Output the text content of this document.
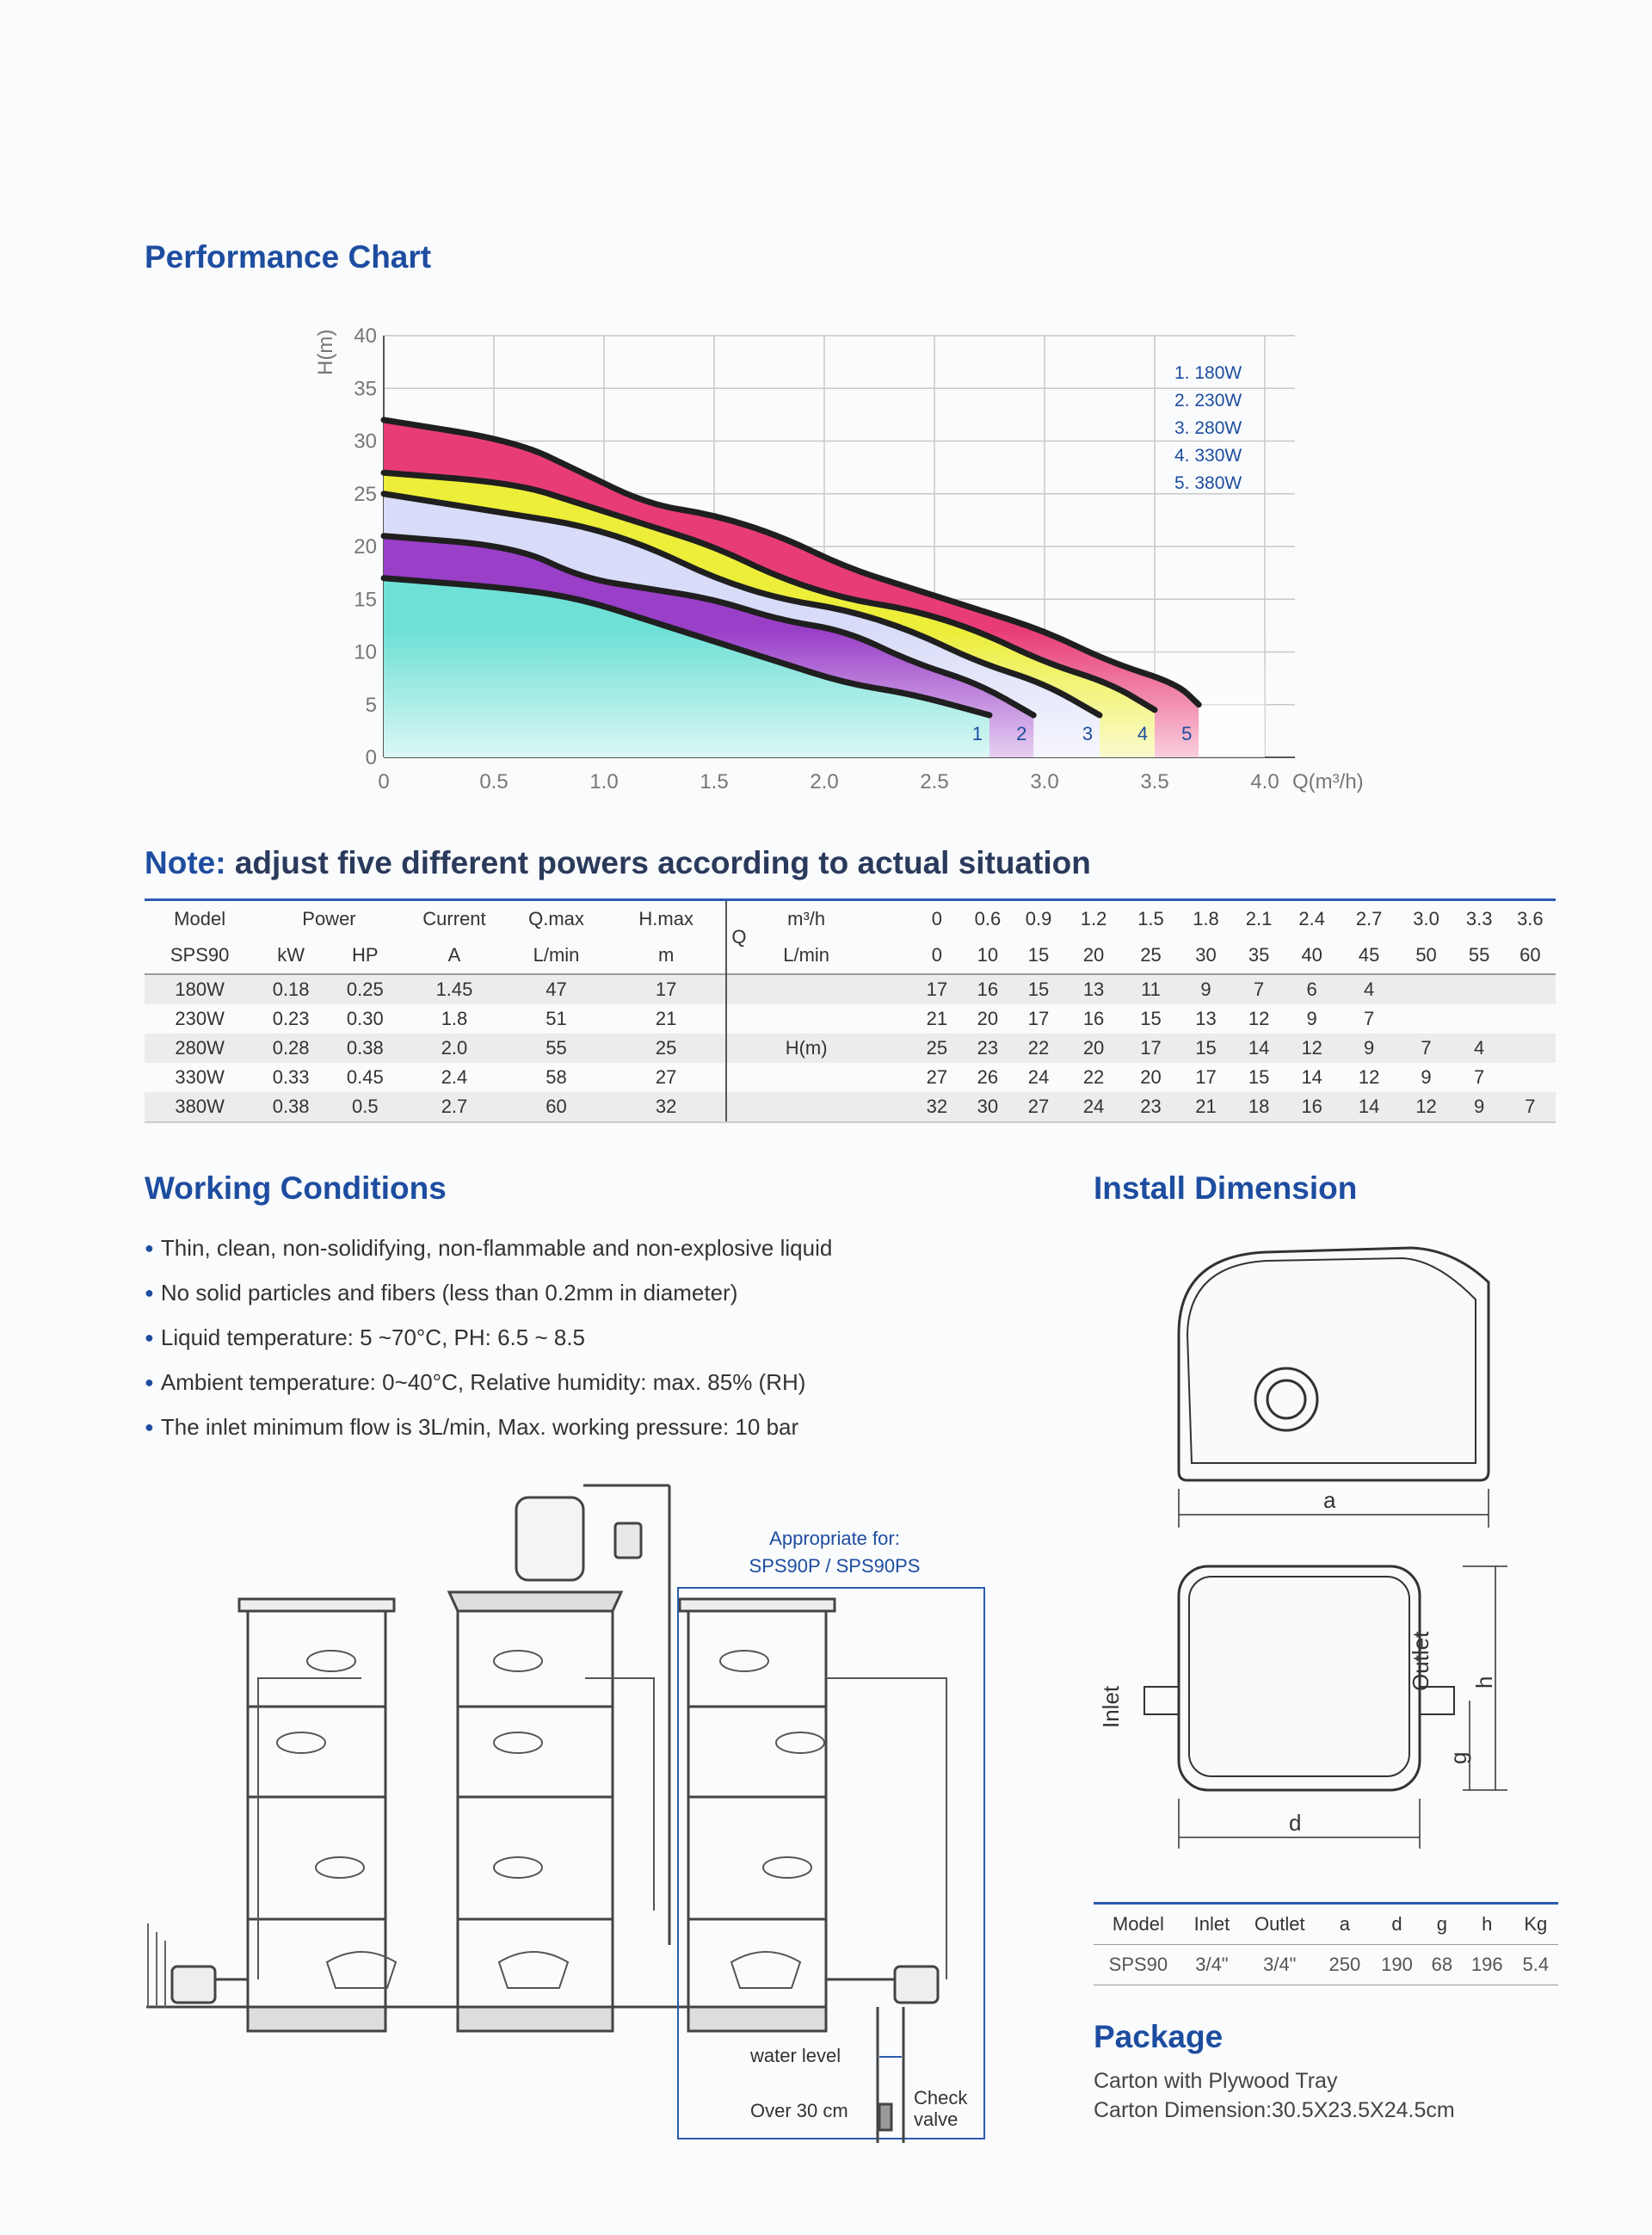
Performance Chart
0	0.5	1.0	1.5	2.0	2.5	3.0	3.5	4.0
0
5
10
15
20
25
30
35
40
H(m)
Q(m³/h)
1. 180W
2. 230W
3. 280W
4. 330W
5. 380W
1 2	3 4 5
Note: adjust five different powers according to actual situation
Model	Power		Current	Q.max	H.max	Q	m³/h		0	0.6	0.9	1.2	1.5	1.8	2.1	2.4	2.7	3.0	3.3	3.6
SPS90	kW	HP	A	L/min	m		L/min		0	10	15	20	25	30	35	40	45	50	55	60
180W	0.18	0.25	1.45	47	17				17	16	15	13	11	9	7	6	4			
230W	0.23	0.30	1.8	51	21				21	20	17	16	15	13	12	9	7			
280W	0.28	0.38	2.0	55	25		H(m)		25	23	22	20	17	15	14	12	9	7	4	
330W	0.33	0.45	2.4	58	27				27	26	24	22	20	17	15	14	12	9	7	
380W	0.38	0.5	2.7	60	32				32	30	27	24	23	21	18	16	14	12	9	7
Working Conditions
● Thin, clean, non-solidifying, non-flammable and non-explosive liquid
● No solid particles and fibers (less than 0.2mm in diameter)
● Liquid temperature: 5 ~70°C, PH: 6.5 ~ 8.5
● Ambient temperature: 0~40°C, Relative humidity: max. 85% (RH)
● The inlet minimum flow is 3L/min, Max. working pressure: 10 bar
Appropriate for:
SPS90P / SPS90PS
water level
Over 30 cm
Check
valve
Install Dimension
a
d
h
g
Inlet
Outlet
Model	Inlet	Outlet	a	d	g	h	Kg
SPS90	3/4"	3/4"	250	190	68	196	5.4
Package
Carton with Plywood Tray
Carton Dimension:30.5X23.5X24.5cm
